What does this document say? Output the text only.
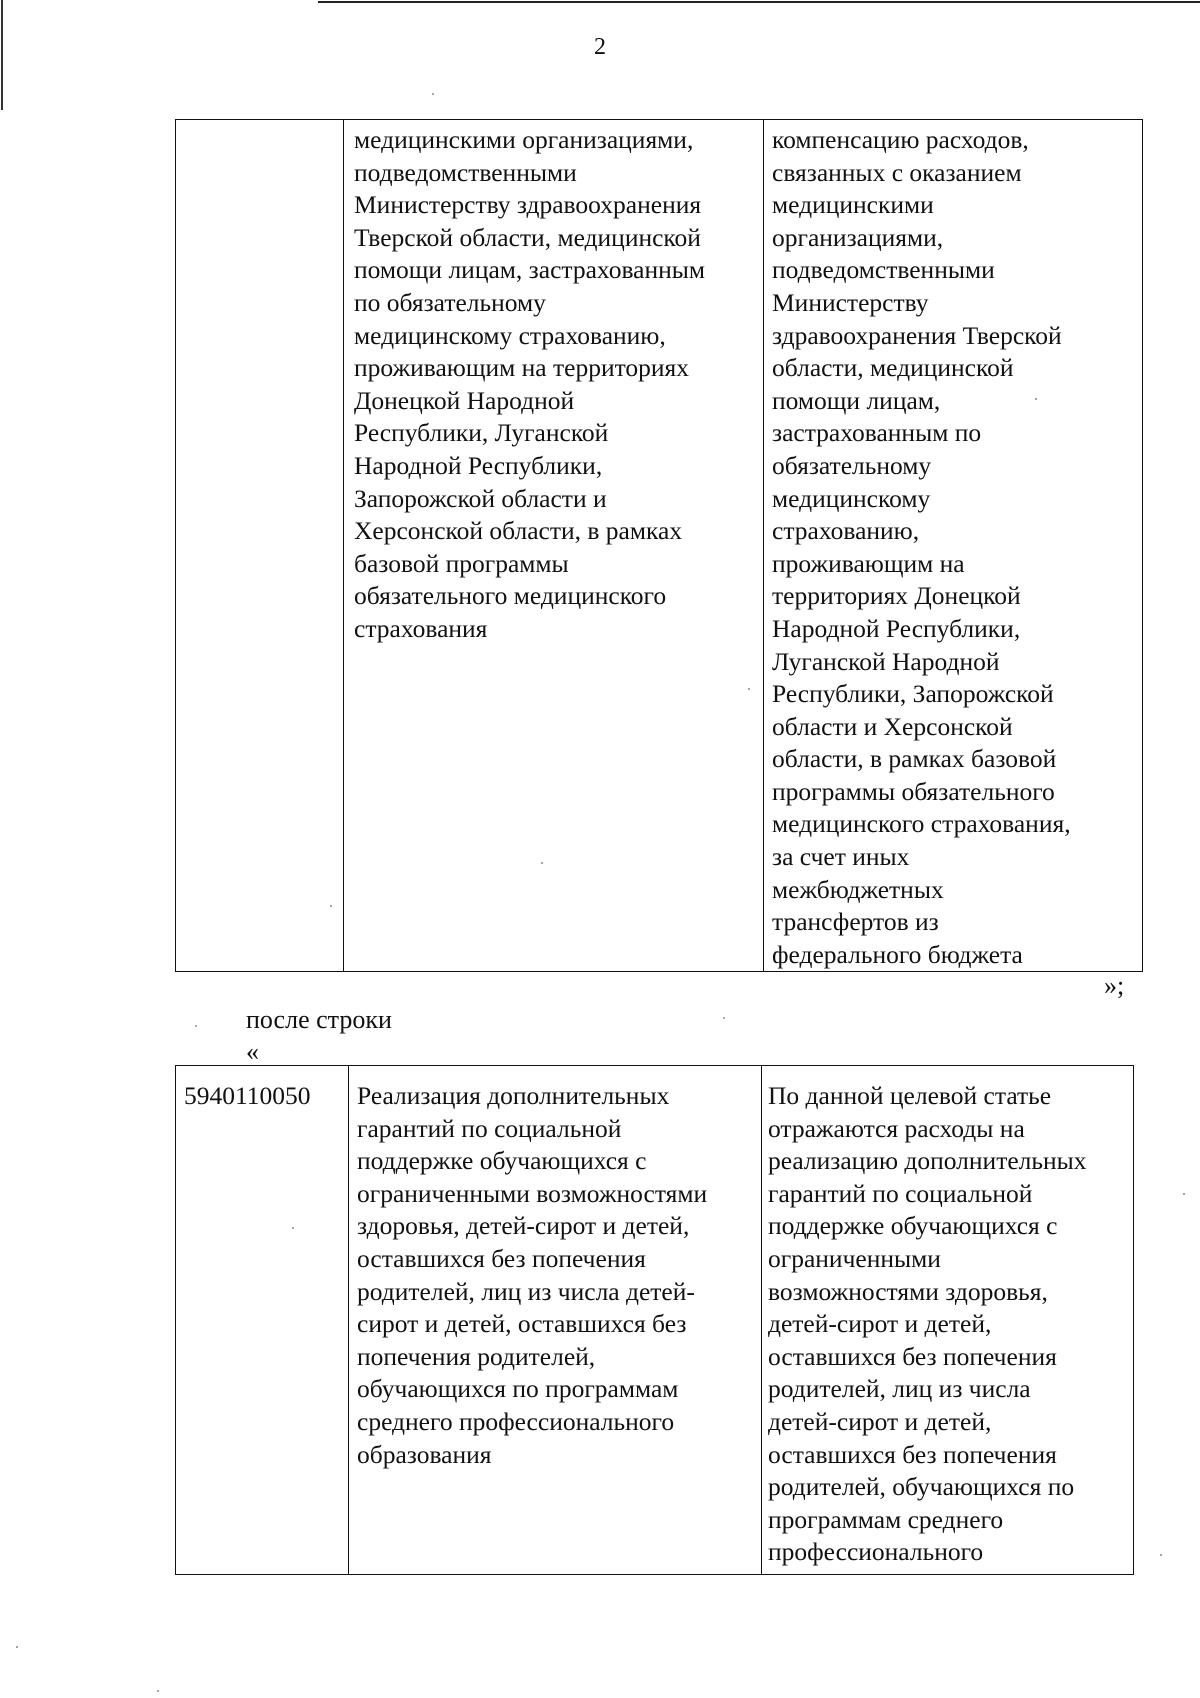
2
	медицинскими организациями,
подведомственными
Министерству здравоохранения
Тверской области, медицинской
помощи лицам, застрахованным
по обязательному
медицинскому страхованию,
проживающим на территориях
Донецкой Народной
Республики, Луганской
Народной Республики,
Запорожской области и
Херсонской области, в рамках
базовой программы
обязательного медицинского
страхования	компенсацию расходов,
связанных с оказанием
медицинскими
организациями,
подведомственными
Министерству
здравоохранения Тверской
области, медицинской
помощи лицам,
застрахованным по
обязательному
медицинскому
страхованию,
проживающим на
территориях Донецкой
Народной Республики,
Луганской Народной
Республики, Запорожской
области и Херсонской
области, в рамках базовой
программы обязательного
медицинского страхования,
за счет иных
межбюджетных
трансфертов из
федерального бюджета
»;
после строки
«
5940110050	Реализация дополнительных
гарантий по социальной
поддержке обучающихся с
ограниченными возможностями
здоровья, детей-сирот и детей,
оставшихся без попечения
родителей, лиц из числа детей-
сирот и детей, оставшихся без
попечения родителей,
обучающихся по программам
среднего профессионального
образования	По данной целевой статье
отражаются расходы на
реализацию дополнительных
гарантий по социальной
поддержке обучающихся с
ограниченными
возможностями здоровья,
детей-сирот и детей,
оставшихся без попечения
родителей, лиц из числа
детей-сирот и детей,
оставшихся без попечения
родителей, обучающихся по
программам среднего
профессионального
